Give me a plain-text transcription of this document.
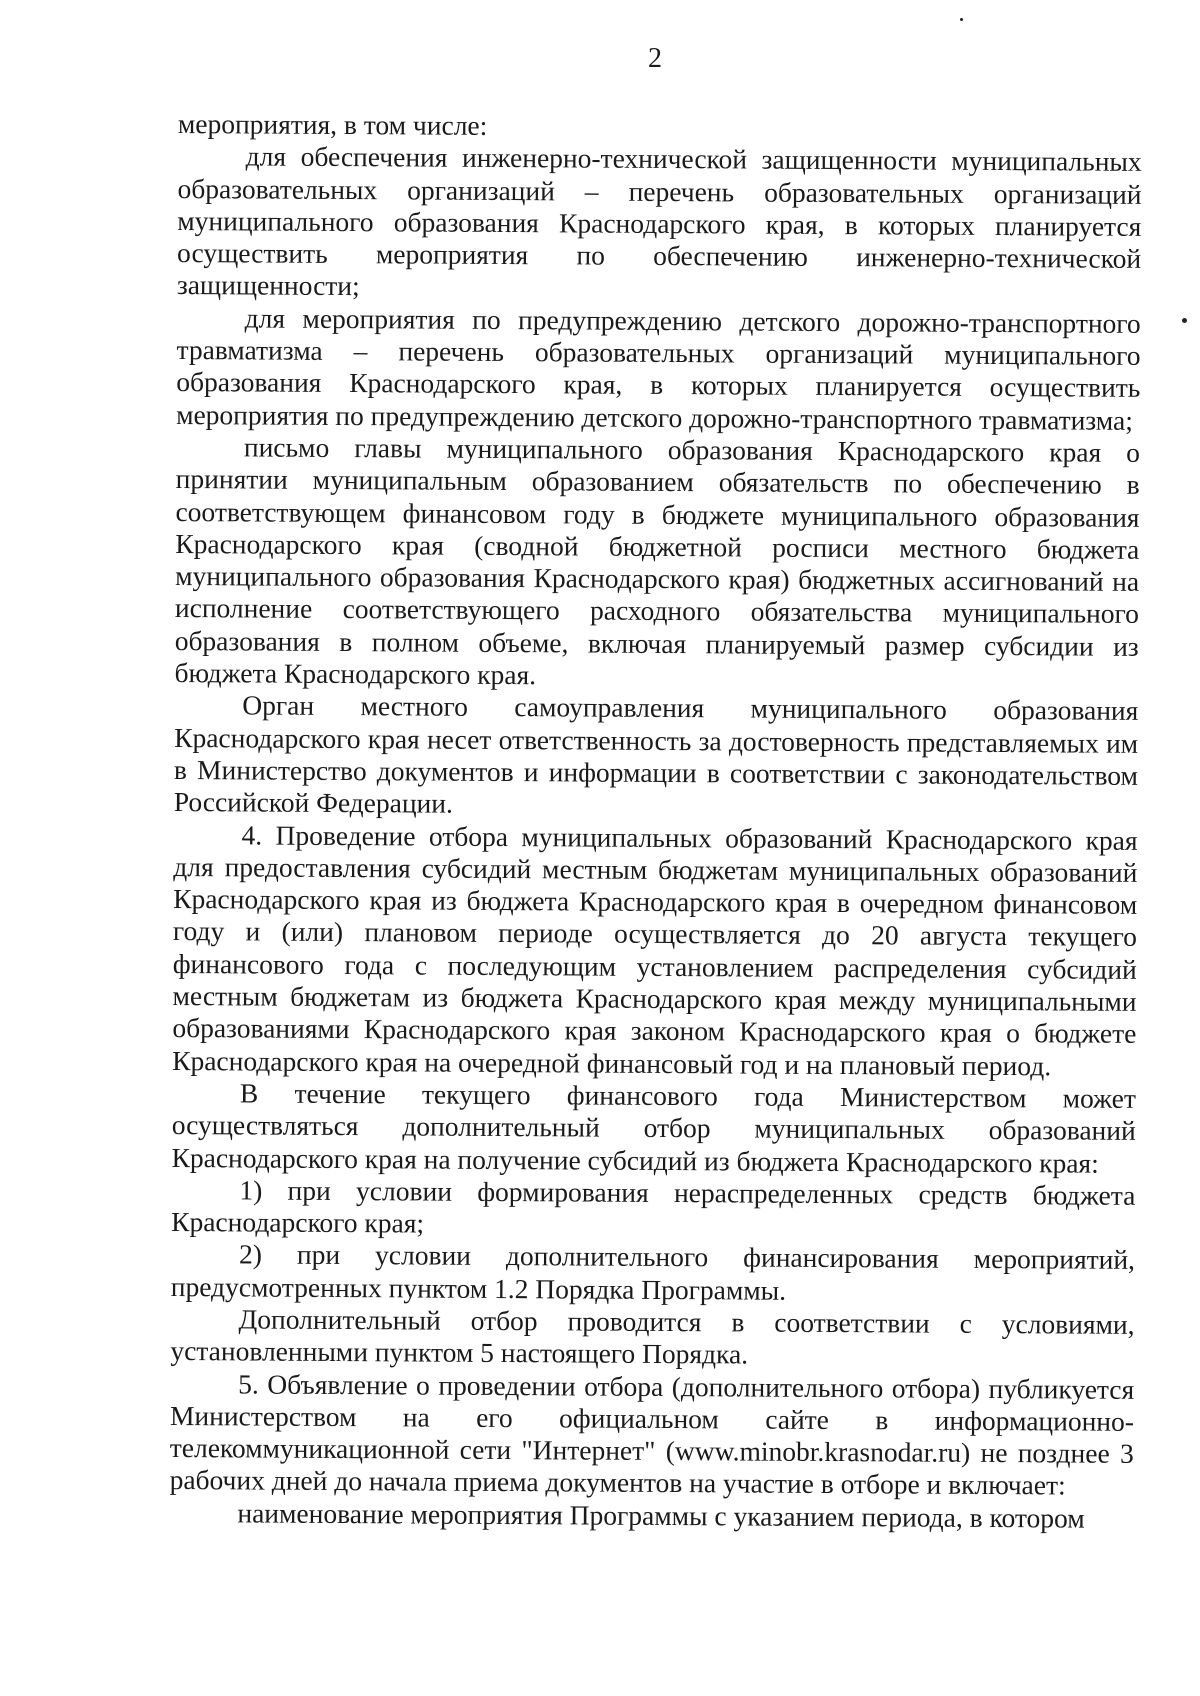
2

мероприятия, в том числе:

для обеспечения инженерно-технической защищенности муниципальных образовательных организаций – перечень образовательных организаций муниципального образования Краснодарского края, в которых планируется осуществить мероприятия по обеспечению инженерно-технической защищенности;

для мероприятия по предупреждению детского дорожно-транспортного травматизма – перечень образовательных организаций муниципального образования Краснодарского края, в которых планируется осуществить мероприятия по предупреждению детского дорожно-транспортного травматизма;

письмо главы муниципального образования Краснодарского края о принятии муниципальным образованием обязательств по обеспечению в соответствующем финансовом году в бюджете муниципального образования Краснодарского края (сводной бюджетной росписи местного бюджета муниципального образования Краснодарского края) бюджетных ассигнований на исполнение соответствующего расходного обязательства муниципального образования в полном объеме, включая планируемый размер субсидии из бюджета Краснодарского края.

Орган местного самоуправления муниципального образования Краснодарского края несет ответственность за достоверность представляемых им в Министерство документов и информации в соответствии с законодательством Российской Федерации.

4. Проведение отбора муниципальных образований Краснодарского края для предоставления субсидий местным бюджетам муниципальных образований Краснодарского края из бюджета Краснодарского края в очередном финансовом году и (или) плановом периоде осуществляется до 20 августа текущего финансового года с последующим установлением распределения субсидий местным бюджетам из бюджета Краснодарского края между муниципальными образованиями Краснодарского края законом Краснодарского края о бюджете Краснодарского края на очередной финансовый год и на плановый период.

В течение текущего финансового года Министерством может осуществляться дополнительный отбор муниципальных образований Краснодарского края на получение субсидий из бюджета Краснодарского края:

1) при условии формирования нераспределенных средств бюджета Краснодарского края;

2) при условии дополнительного финансирования мероприятий, предусмотренных пунктом 1.2 Порядка Программы.

Дополнительный отбор проводится в соответствии с условиями, установленными пунктом 5 настоящего Порядка.

5. Объявление о проведении отбора (дополнительного отбора) публикуется Министерством на его официальном сайте в информационно-телекоммуникационной сети "Интернет" (www.minobr.krasnodar.ru) не позднее 3 рабочих дней до начала приема документов на участие в отборе и включает:

наименование мероприятия Программы с указанием периода, в котором
